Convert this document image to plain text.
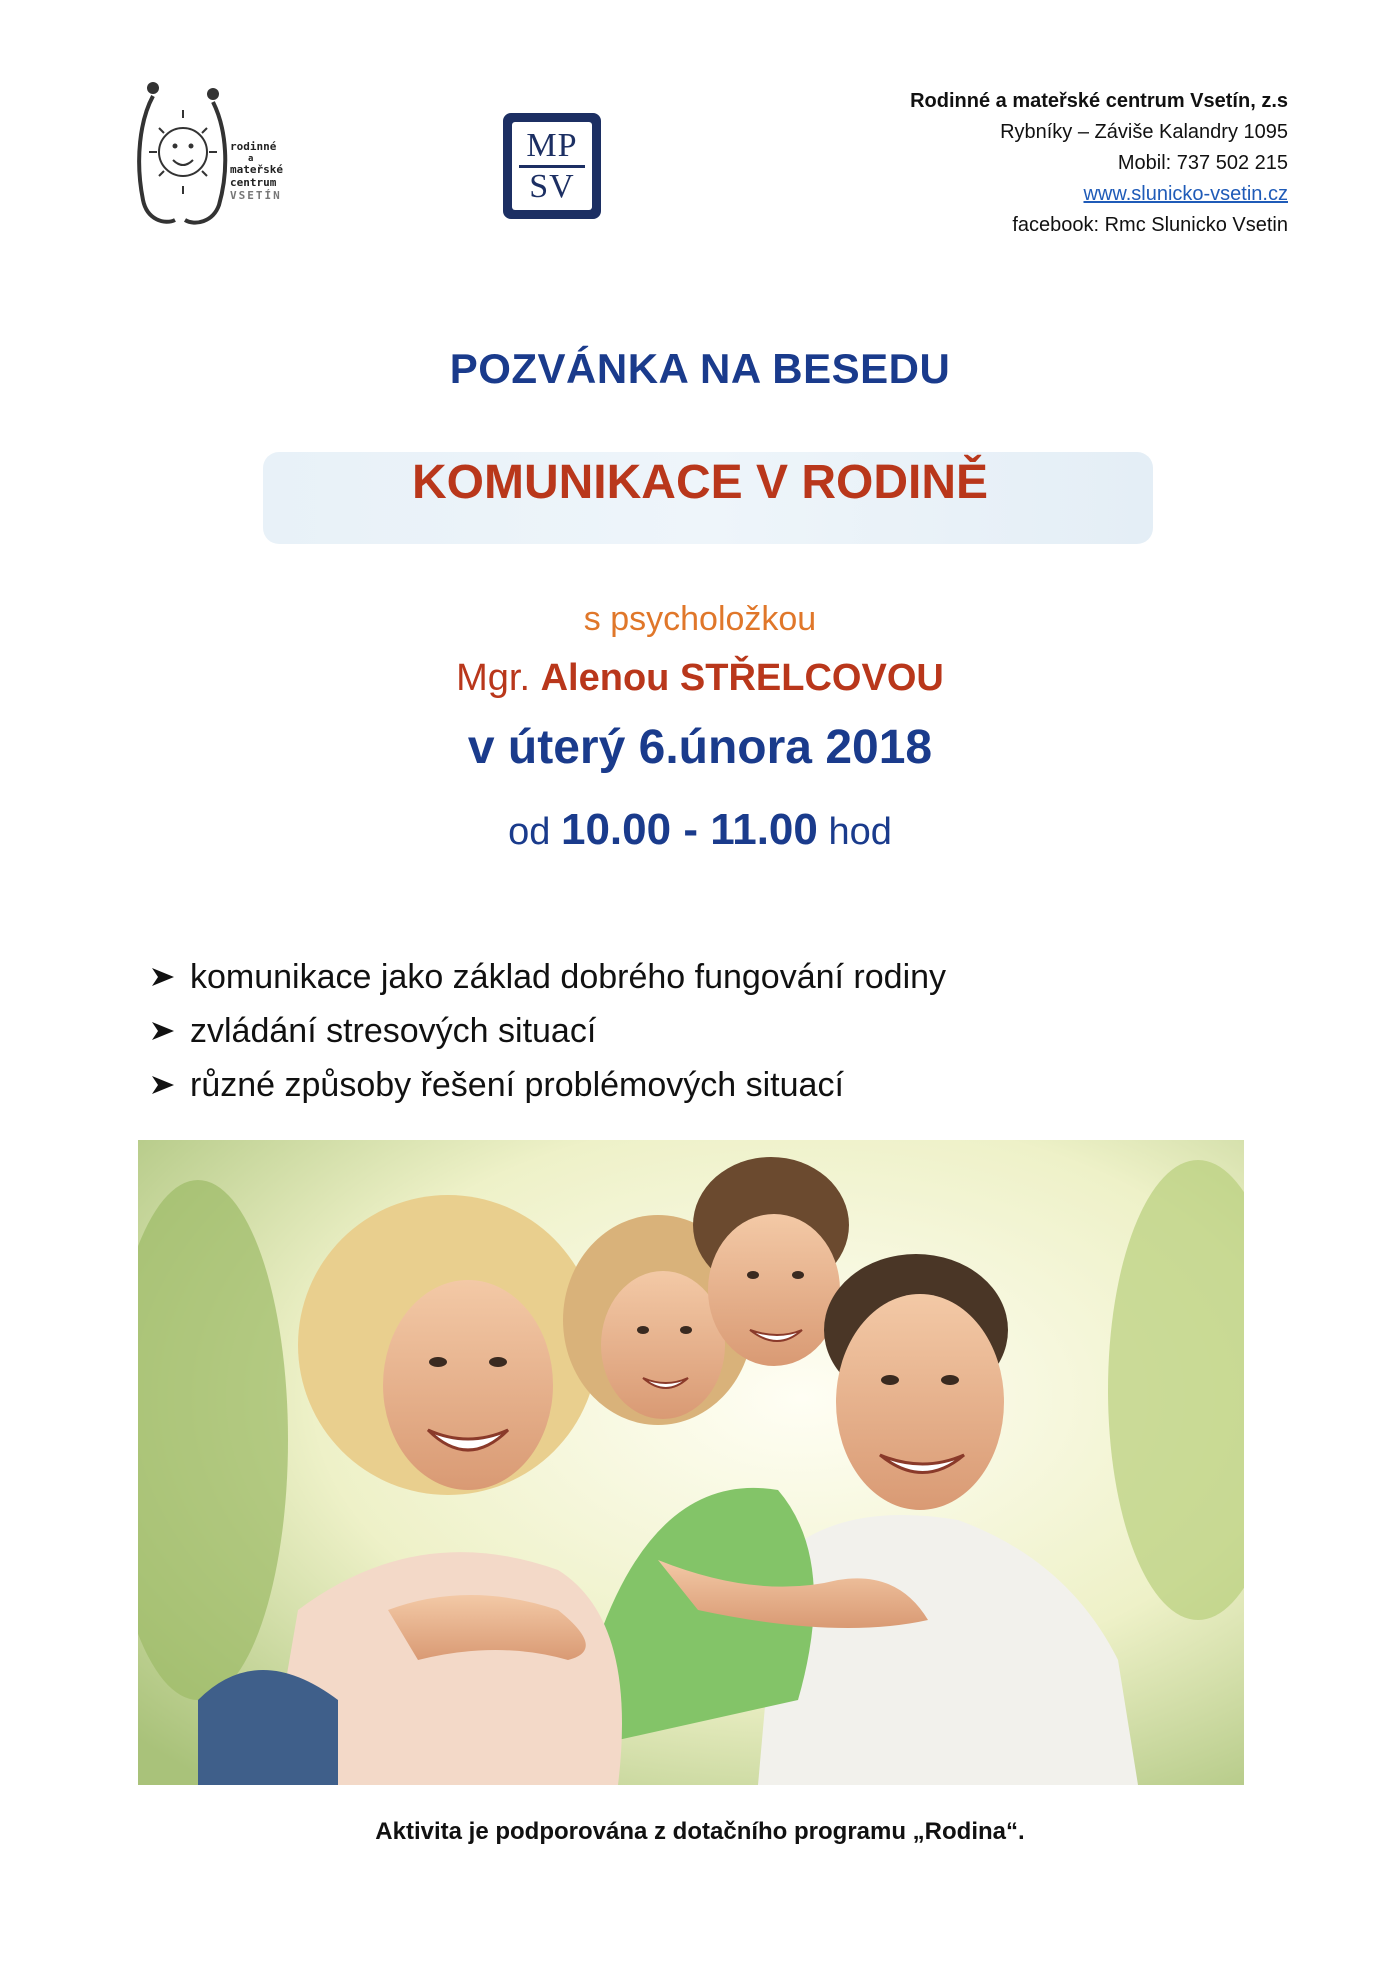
rodinné
a
mateřské
centrum
VSETÍN
MP
SV
Rodinné a mateřské centrum Vsetín, z.s
Rybníky – Záviše Kalandry 1095
Mobil: 737 502 215
www.slunicko-vsetin.cz
facebook: Rmc Slunicko Vsetin
POZVÁNKA NA BESEDU
KOMUNIKACE V RODINĚ
s psycholožkou
Mgr. Alenou STŘELCOVOU
v úterý 6.února 2018
od 10.00 - 11.00 hod
komunikace jako základ dobrého fungování rodiny
zvládání stresových situací
různé způsoby řešení problémových situací
Aktivita je podporována z dotačního programu „Rodina“.
